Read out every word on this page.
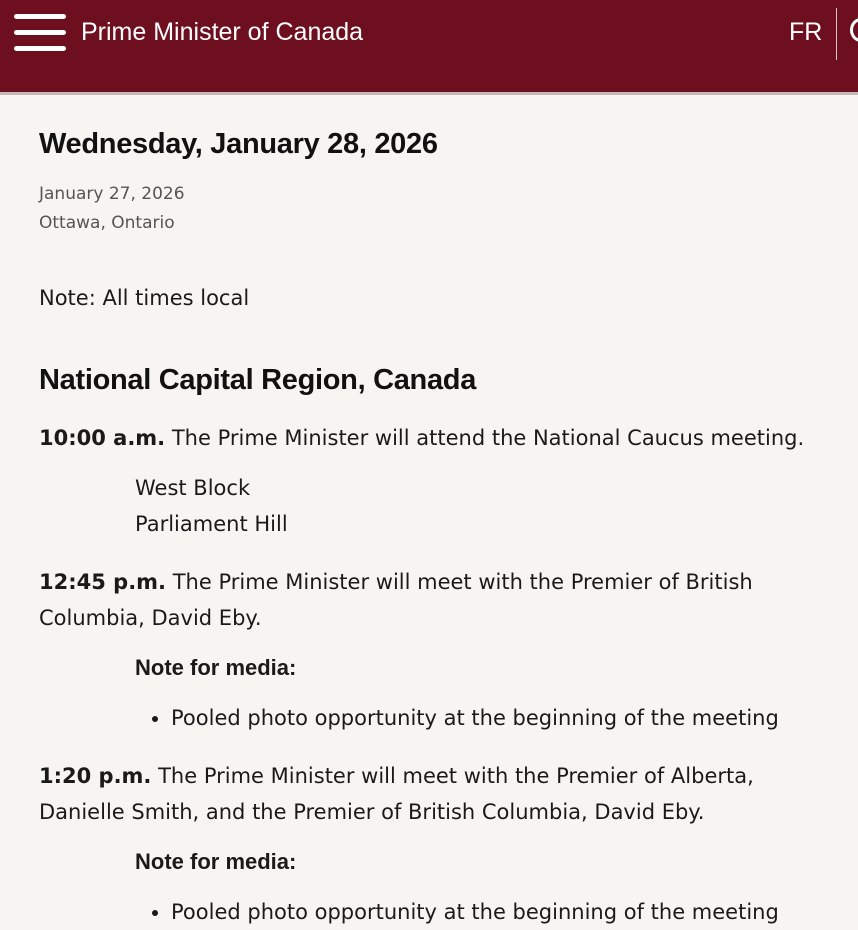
Prime Minister of Canada	FR
Wednesday, January 28, 2026
January 27, 2026
Ottawa, Ontario

Note: All times local

National Capital Region, Canada
10:00 a.m. The Prime Minister will attend the National Caucus meeting.
West Block
Parliament Hill
12:45 p.m. The Prime Minister will meet with the Premier of British Columbia, David Eby.
Note for media:
• Pooled photo opportunity at the beginning of the meeting
1:20 p.m. The Prime Minister will meet with the Premier of Alberta, Danielle Smith, and the Premier of British Columbia, David Eby.
Note for media:
• Pooled photo opportunity at the beginning of the meeting
